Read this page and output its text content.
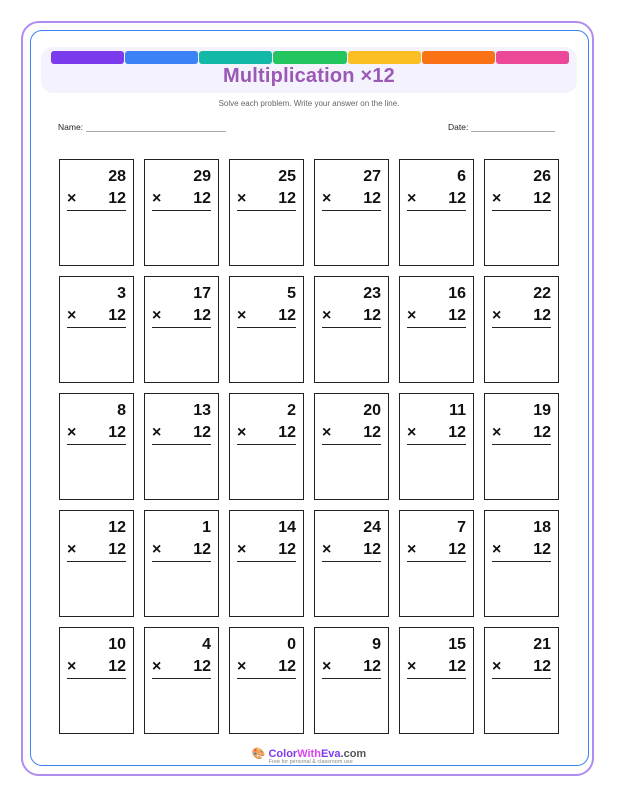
Multiplication ×12
Solve each problem. Write your answer on the line.
Name:	Date:
28
× 12
29
× 12
25
× 12
27
× 12
6
× 12
26
× 12
3
× 12
17
× 12
5
× 12
23
× 12
16
× 12
22
× 12
8
× 12
13
× 12
2
× 12
20
× 12
11
× 12
19
× 12
12
× 12
1
× 12
14
× 12
24
× 12
7
× 12
18
× 12
10
× 12
4
× 12
0
× 12
9
× 12
15
× 12
21
× 12
🎨 ColorWithEva.com
Free for personal & classroom use
